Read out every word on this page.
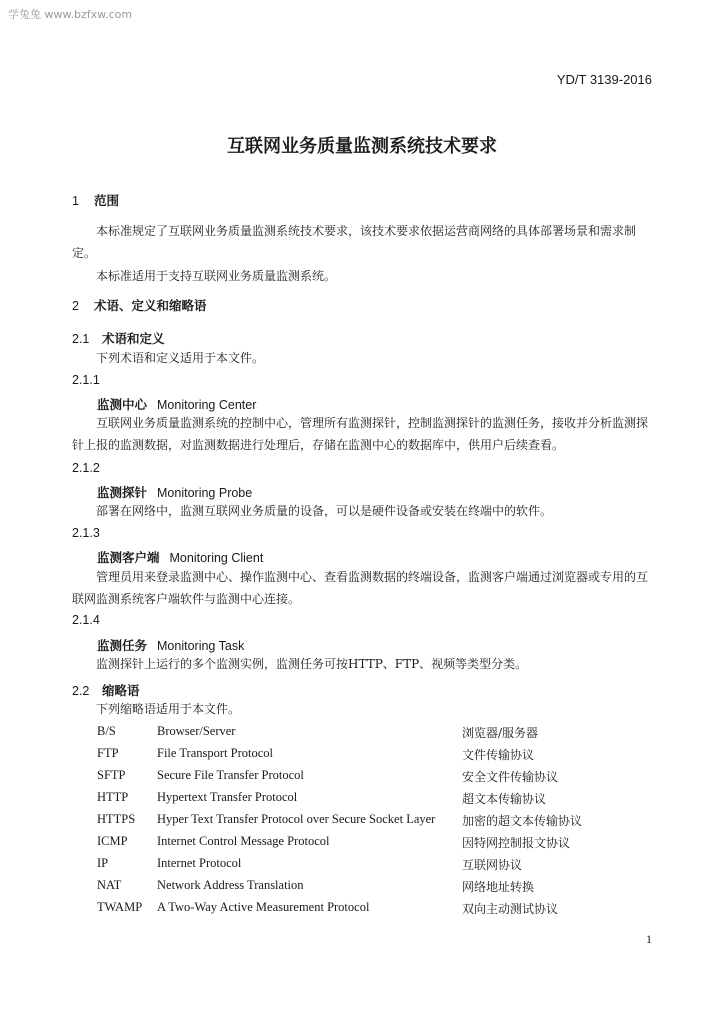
学兔兔 www.bzfxw.com
YD/T 3139-2016
互联网业务质量监测系统技术要求
1 范围
本标准规定了互联网业务质量监测系统技术要求，该技术要求依据运营商网络的具体部署场景和需求制定。
本标准适用于支持互联网业务质量监测系统。
2 术语、定义和缩略语
2.1 术语和定义
下列术语和定义适用于本文件。
2.1.1
监测中心 Monitoring Center
互联网业务质量监测系统的控制中心，管理所有监测探针，控制监测探针的监测任务，接收并分析监测探针上报的监测数据，对监测数据进行处理后，存储在监测中心的数据库中，供用户后续查看。
2.1.2
监测探针 Monitoring Probe
部署在网络中，监测互联网业务质量的设备，可以是硬件设备或安装在终端中的软件。
2.1.3
监测客户端 Monitoring Client
管理员用来登录监测中心、操作监测中心、查看监测数据的终端设备，监测客户端通过浏览器或专用的互联网监测系统客户端软件与监测中心连接。
2.1.4
监测任务 Monitoring Task
监测探针上运行的多个监测实例，监测任务可按HTTP、FTP、视频等类型分类。
2.2 缩略语
下列缩略语适用于本文件。
B/S	Browser/Server	浏览器/服务器
FTP	File Transport Protocol	文件传输协议
SFTP	Secure File Transfer Protocol	安全文件传输协议
HTTP Hypertext Transfer Protocol	超文本传输协议
HTTPS Hyper Text Transfer Protocol over Secure Socket Layer 加密的超文本传输协议
ICMP Internet Control Message Protocol	因特网控制报文协议
IP	Internet Protocol	互联网协议
NAT	Network Address Translation	网络地址转换
TWAMP A Two-Way Active Measurement Protocol	双向主动测试协议
1
